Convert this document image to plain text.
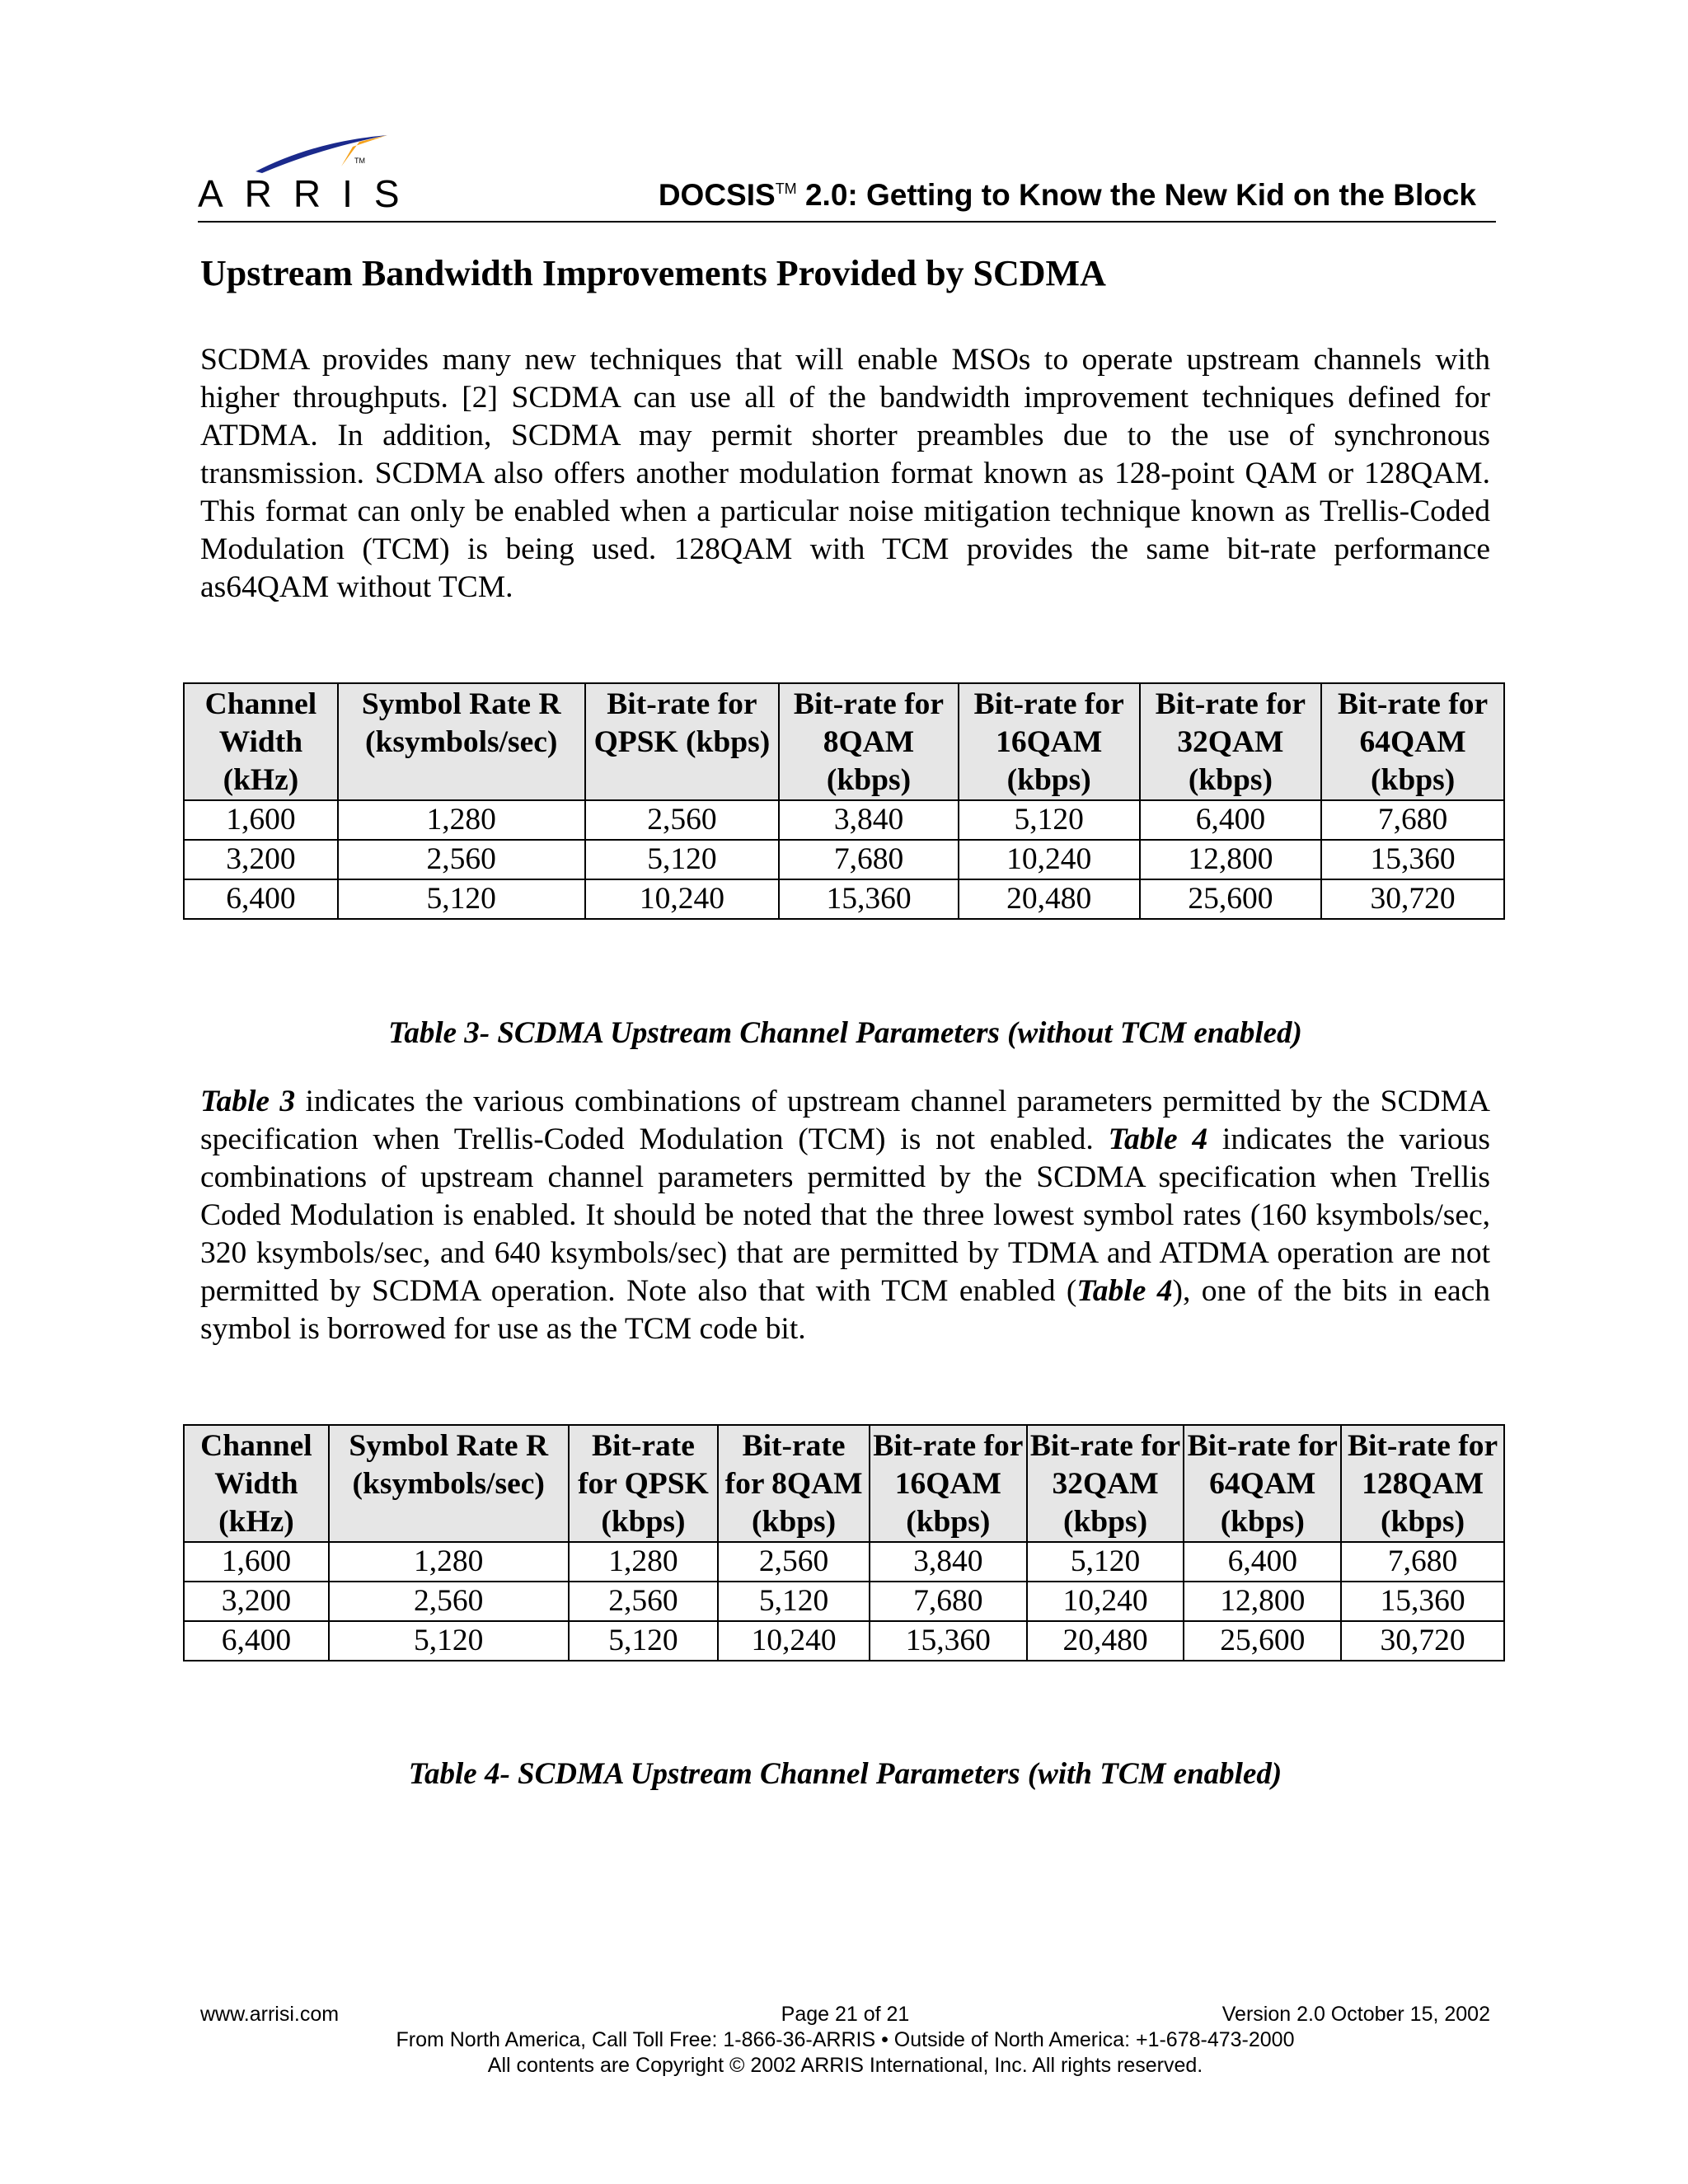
TM
ARRIS	DOCSIS™ 2.0: Getting to Know the New Kid on the Block
Upstream Bandwidth Improvements Provided by SCDMA

SCDMA provides many new techniques that will enable MSOs to operate upstream channels with higher throughputs. [2] SCDMA can use all of the bandwidth improvement techniques defined for ATDMA. In addition, SCDMA may permit shorter preambles due to the use of synchronous transmission. SCDMA also offers another modulation format known as 128-point QAM or 128QAM. This format can only be enabled when a particular noise mitigation technique known as Trellis-Coded Modulation (TCM) is being used. 128QAM with TCM provides the same bit-rate performance as64QAM without TCM.

Channel Width (kHz)	Symbol Rate R (ksymbols/sec)	Bit-rate for QPSK (kbps)	Bit-rate for 8QAM (kbps)	Bit-rate for 16QAM (kbps)	Bit-rate for 32QAM (kbps)	Bit-rate for 64QAM (kbps)
1,600	1,280	2,560	3,840	5,120	6,400	7,680
3,200	2,560	5,120	7,680	10,240	12,800	15,360
6,400	5,120	10,240	15,360	20,480	25,600	30,720

Table 3- SCDMA Upstream Channel Parameters (without TCM enabled)

Table 3 indicates the various combinations of upstream channel parameters permitted by the SCDMA specification when Trellis-Coded Modulation (TCM) is not enabled. Table 4 indicates the various combinations of upstream channel parameters permitted by the SCDMA specification when Trellis Coded Modulation is enabled. It should be noted that the three lowest symbol rates (160 ksymbols/sec, 320 ksymbols/sec, and 640 ksymbols/sec) that are permitted by TDMA and ATDMA operation are not permitted by SCDMA operation. Note also that with TCM enabled (Table 4), one of the bits in each symbol is borrowed for use as the TCM code bit.

Channel Width (kHz)	Symbol Rate R (ksymbols/sec)	Bit-rate for QPSK (kbps)	Bit-rate for 8QAM (kbps)	Bit-rate for 16QAM (kbps)	Bit-rate for 32QAM (kbps)	Bit-rate for 64QAM (kbps)	Bit-rate for 128QAM (kbps)
1,600	1,280	1,280	2,560	3,840	5,120	6,400	7,680
3,200	2,560	2,560	5,120	7,680	10,240	12,800	15,360
6,400	5,120	5,120	10,240	15,360	20,480	25,600	30,720

Table 4- SCDMA Upstream Channel Parameters (with TCM enabled)

www.arrisi.com	Page 21 of 21	Version 2.0 October 15, 2002
From North America, Call Toll Free: 1-866-36-ARRIS • Outside of North America: +1-678-473-2000
All contents are Copyright © 2002 ARRIS International, Inc. All rights reserved.
